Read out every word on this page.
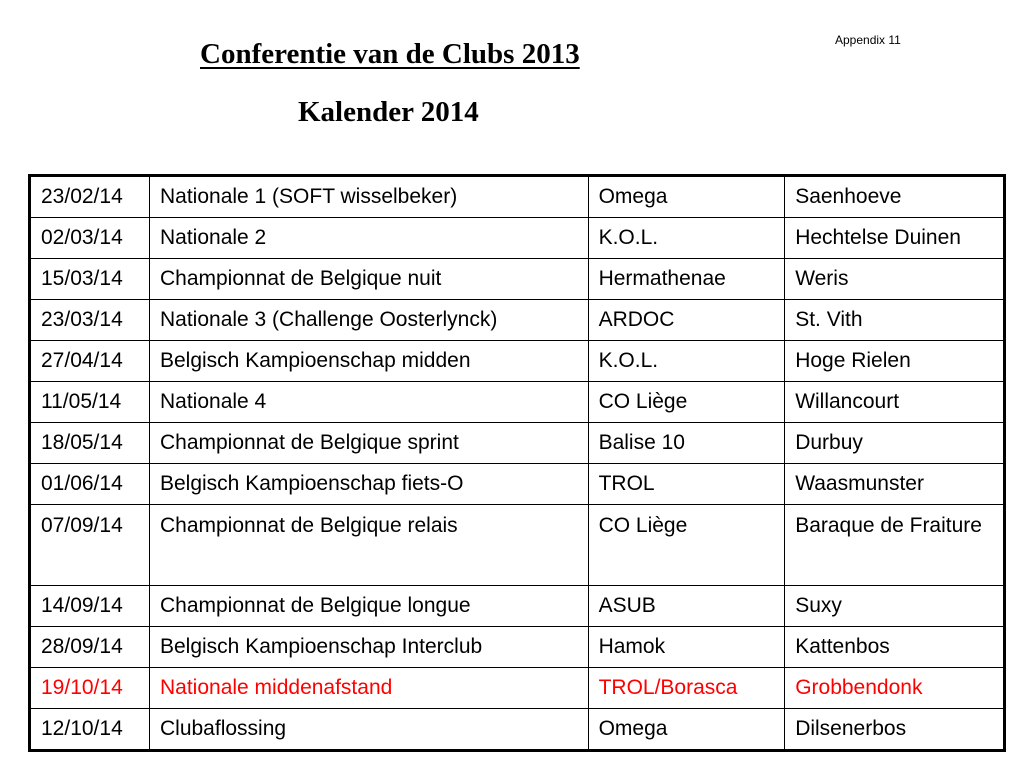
Appendix 11
Conferentie van de Clubs 2013
Kalender 2014
23/02/14	Nationale 1 (SOFT wisselbeker)	Omega	Saenhoeve
02/03/14	Nationale 2	K.O.L.	Hechtelse Duinen
15/03/14	Championnat de Belgique nuit	Hermathenae	Weris
23/03/14	Nationale 3 (Challenge Oosterlynck)	ARDOC	St. Vith
27/04/14	Belgisch Kampioenschap midden	K.O.L.	Hoge Rielen
11/05/14	Nationale 4	CO Liège	Willancourt
18/05/14	Championnat de Belgique sprint	Balise 10	Durbuy
01/06/14	Belgisch Kampioenschap fiets-O	TROL	Waasmunster
07/09/14	Championnat de Belgique relais	CO Liège	Baraque de Fraiture
14/09/14	Championnat de Belgique longue	ASUB	Suxy
28/09/14	Belgisch Kampioenschap Interclub	Hamok	Kattenbos
19/10/14	Nationale middenafstand	TROL/Borasca	Grobbendonk
12/10/14	Clubaflossing	Omega	Dilsenerbos
